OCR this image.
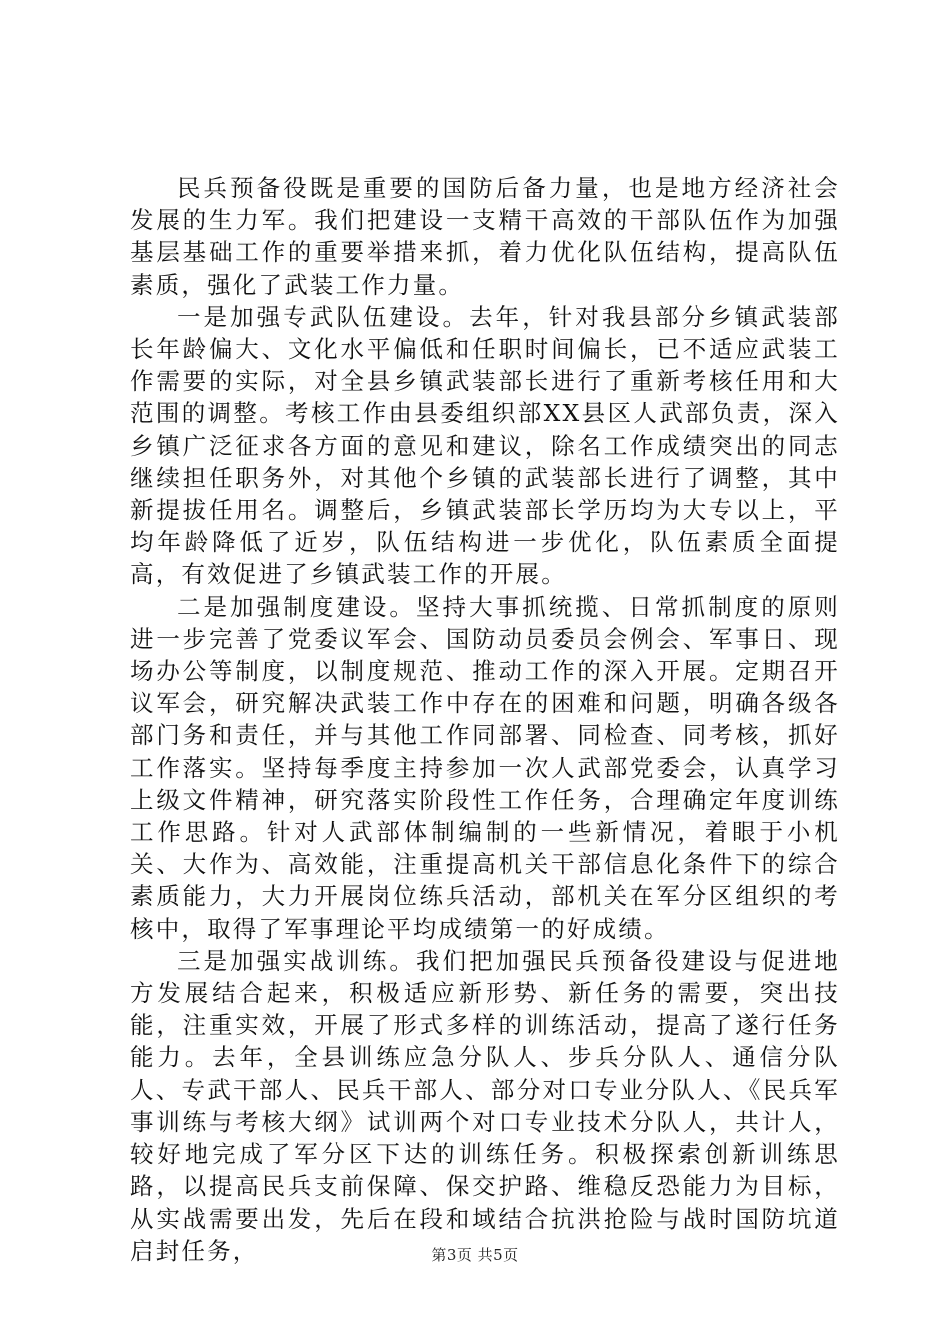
民兵预备役既是重要的国防后备力量，也是地方经济社会发展的生力军。我们把建设一支精干高效的干部队伍作为加强基层基础工作的重要举措来抓，着力优化队伍结构，提高队伍素质，强化了武装工作力量。

一是加强专武队伍建设。去年，针对我县部分乡镇武装部长年龄偏大、文化水平偏低和任职时间偏长，已不适应武装工作需要的实际，对全县乡镇武装部长进行了重新考核任用和大范围的调整。考核工作由县委组织部XX县区人武部负责，深入乡镇广泛征求各方面的意见和建议，除名工作成绩突出的同志继续担任职务外，对其他个乡镇的武装部长进行了调整，其中新提拔任用名。调整后，乡镇武装部长学历均为大专以上，平均年龄降低了近岁，队伍结构进一步优化，队伍素质全面提高，有效促进了乡镇武装工作的开展。

二是加强制度建设。坚持大事抓统揽、日常抓制度的原则进一步完善了党委议军会、国防动员委员会例会、军事日、现场办公等制度，以制度规范、推动工作的深入开展。定期召开议军会，研究解决武装工作中存在的困难和问题，明确各级各部门务和责任，并与其他工作同部署、同检查、同考核，抓好工作落实。坚持每季度主持参加一次人武部党委会，认真学习上级文件精神，研究落实阶段性工作任务，合理确定年度训练工作思路。针对人武部体制编制的一些新情况，着眼于小机关、大作为、高效能，注重提高机关干部信息化条件下的综合素质能力，大力开展岗位练兵活动，部机关在军分区组织的考核中，取得了军事理论平均成绩第一的好成绩。

三是加强实战训练。我们把加强民兵预备役建设与促进地方发展结合起来，积极适应新形势、新任务的需要，突出技能，注重实效，开展了形式多样的训练活动，提高了遂行任务能力。去年，全县训练应急分队人、步兵分队人、通信分队人、专武干部人、民兵干部人、部分对口专业分队人、《民兵军事训练与考核大纲》试训两个对口专业技术分队人，共计人，较好地完成了军分区下达的训练任务。积极探索创新训练思路，以提高民兵支前保障、保交护路、维稳反恐能力为目标，从实战需要出发，先后在段和域结合抗洪抢险与战时国防坑道启封任务，	第3页 共5页
